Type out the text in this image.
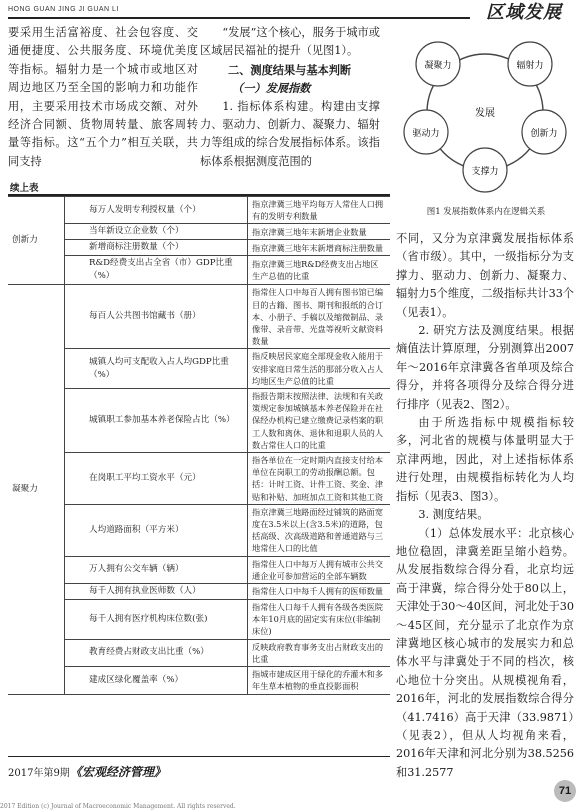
HONG GUAN JING JI GUAN LI	区域发展

要采用生活富裕度、社会包容度、交通便捷度、公共服务度、环境优美度等指标。辐射力是一个城市或地区对周边地区乃至全国的影响力和功能作用，主要采用技术市场成交额、对外经济合同额、货物周转量、旅客周转量等指标。这“五个力”相互关联，共同支持

“发展”这个核心，服务于城市或区域居民福祉的提升（见图1）。

二、测度结果与基本判断

（一）发展指数

1. 指标体系构建。构建由支撑力、驱动力、创新力、凝聚力、辐射力等组成的综合发展指标体系。该指标体系根据测度范围的

凝聚力	辐射力
驱动力	创新力
支撑力
发展
图1 发展指数体系内在逻辑关系
续上表
创新力	每万人发明专利授权量（个）	指京津冀三地平均每万人常住人口拥有的发明专利数量
	当年新设立企业数（个）	指京津冀三地年末新增企业数量
	新增商标注册数量（个）	指京津冀三地年末新增商标注册数量
	R&D经费支出占全省（市）GDP比重（%）	指京津冀三地R&D经费支出占地区生产总值的比重
凝聚力	每百人公共图书馆藏书（册）	指常住人口中每百人拥有图书馆已编目的古籍、图书、期刊和报纸的合订本、小册子、手稿以及缩微制品、录像带、录音带、光盘等视听文献资料数量
	城镇人均可支配收入占人均GDP比重（%）	指反映居民家庭全部现金收入能用于安排家庭日常生活的那部分收入占人均地区生产总值的比重
	城镇职工参加基本养老保险占比（%）	指报告期末按照法律、法规和有关政策规定参加城镇基本养老保险并在社保经办机构已建立缴费记录档案的职工人数和离休、退休和退职人员的人数占常住人口的比重
	在岗职工平均工资水平（元）	指各单位在一定时期内直接支付给本单位在岗职工的劳动报酬总额。包括：计时工资、计件工资、奖金、津贴和补贴、加班加点工资和其他工资
	人均道路面积（平方米）	指京津冀三地路面经过铺筑的路面宽度在3.5米以上(含3.5米)的道路，包括高级、次高级道路和普通道路与三地常住人口的比值
	万人拥有公交车辆（辆）	指常住人口中每万人拥有城市公共交通企业可参加营运的全部车辆数
	每千人拥有执业医师数（人）	指常住人口中每千人拥有的医师数量
	每千人拥有医疗机构床位数(张)	指常住人口每千人拥有各级各类医院本年10月底的固定实有床位(非编制床位)
	教育经费占财政支出比重（%）	反映政府教育事务支出占财政支出的比重
	建成区绿化覆盖率（%）	指城市建成区用于绿化的乔灌木和多年生草本植物的垂直投影面积

不同，又分为京津冀发展指标体系（省市级）。其中，一级指标分为支撑力、驱动力、创新力、凝聚力、辐射力5个维度，二级指标共计33个（见表1）。

2. 研究方法及测度结果。根据熵值法计算原理，分别测算出2007年～2016年京津冀各省单项及综合得分，并将各项得分及综合得分进行排序（见表2、图2）。

由于所选指标中规模指标较多，河北省的规模与体量明显大于京津两地，因此，对上述指标体系进行处理，由规模指标转化为人均指标（见表3、图3）。

3. 测度结果。

（1）总体发展水平：北京核心地位稳固，津冀差距呈缩小趋势。从发展指数综合得分看，北京均远高于津冀，综合得分处于80以上，天津处于30～40区间，河北处于30～45区间，充分显示了北京作为京津冀地区核心城市的发展实力和总体水平与津冀处于不同的档次，核心地位十分突出。从规模视角看，2016年，河北的发展指数综合得分（41.7416）高于天津（33.9871）（见表2），但从人均视角来看，2016年天津和河北分别为38.5256和31.2577

2017年第9期《宏观经济管理》
71
2017 Edition (c) Journal of Macroeconomic Management. All rights reserved.
